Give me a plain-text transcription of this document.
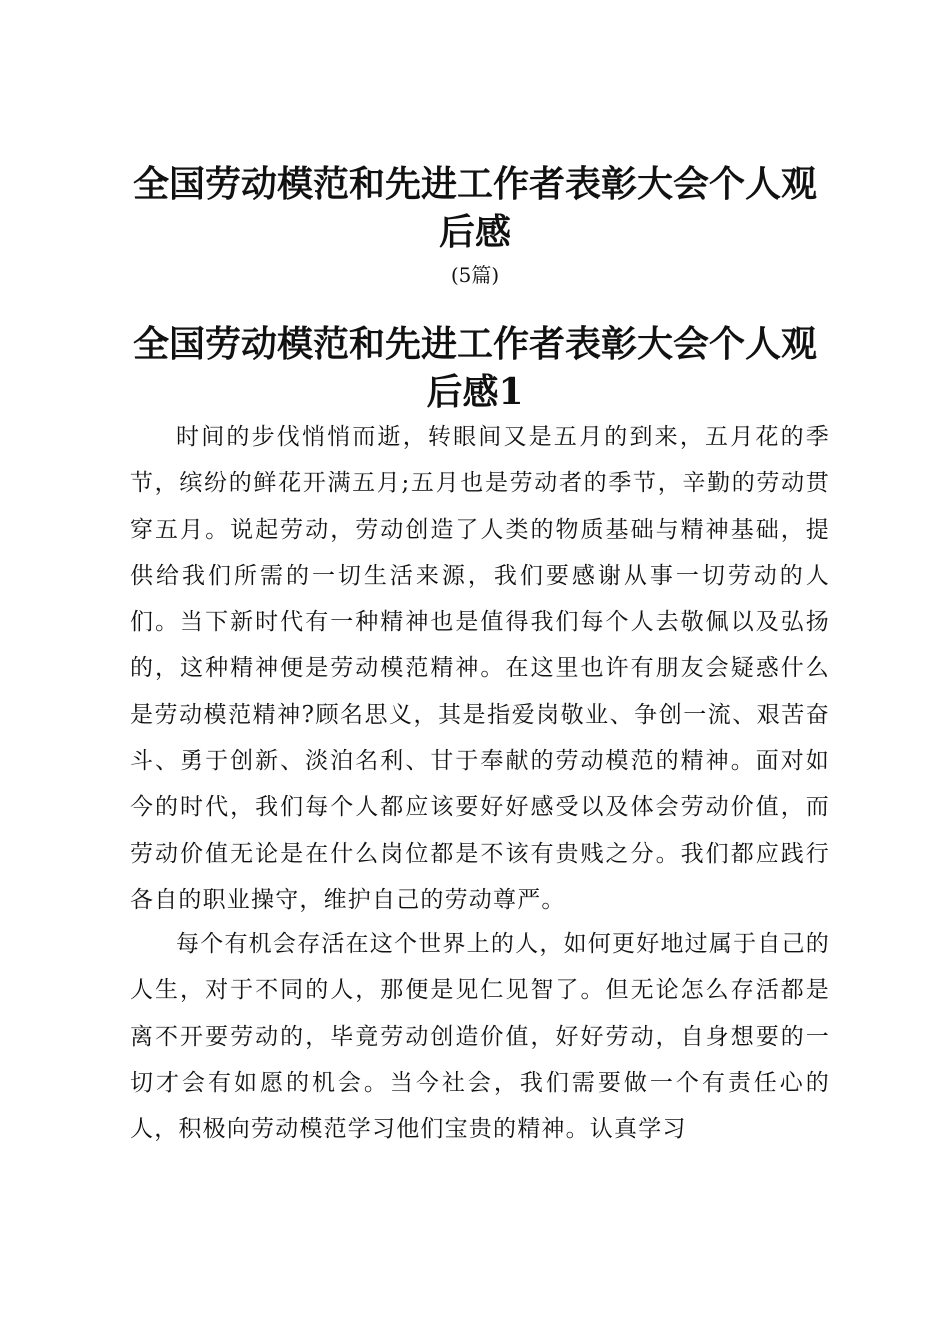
全国劳动模范和先进工作者表彰大会个人观后感
(5篇)
全国劳动模范和先进工作者表彰大会个人观后感1

时间的步伐悄悄而逝，转眼间又是五月的到来，五月花的季节，缤纷的鲜花开满五月;五月也是劳动者的季节，辛勤的劳动贯穿五月。说起劳动，劳动创造了人类的物质基础与精神基础，提供给我们所需的一切生活来源，我们要感谢从事一切劳动的人们。当下新时代有一种精神也是值得我们每个人去敬佩以及弘扬的，这种精神便是劳动模范精神。在这里也许有朋友会疑惑什么是劳动模范精神?顾名思义，其是指爱岗敬业、争创一流、艰苦奋斗、勇于创新、淡泊名利、甘于奉献的劳动模范的精神。面对如今的时代，我们每个人都应该要好好感受以及体会劳动价值，而劳动价值无论是在什么岗位都是不该有贵贱之分。我们都应践行各自的职业操守，维护自己的劳动尊严。

每个有机会存活在这个世界上的人，如何更好地过属于自己的人生，对于不同的人，那便是见仁见智了。但无论怎么存活都是离不开要劳动的，毕竟劳动创造价值，好好劳动，自身想要的一切才会有如愿的机会。当今社会，我们需要做一个有责任心的人，积极向劳动模范学习他们宝贵的精神。认真学习
